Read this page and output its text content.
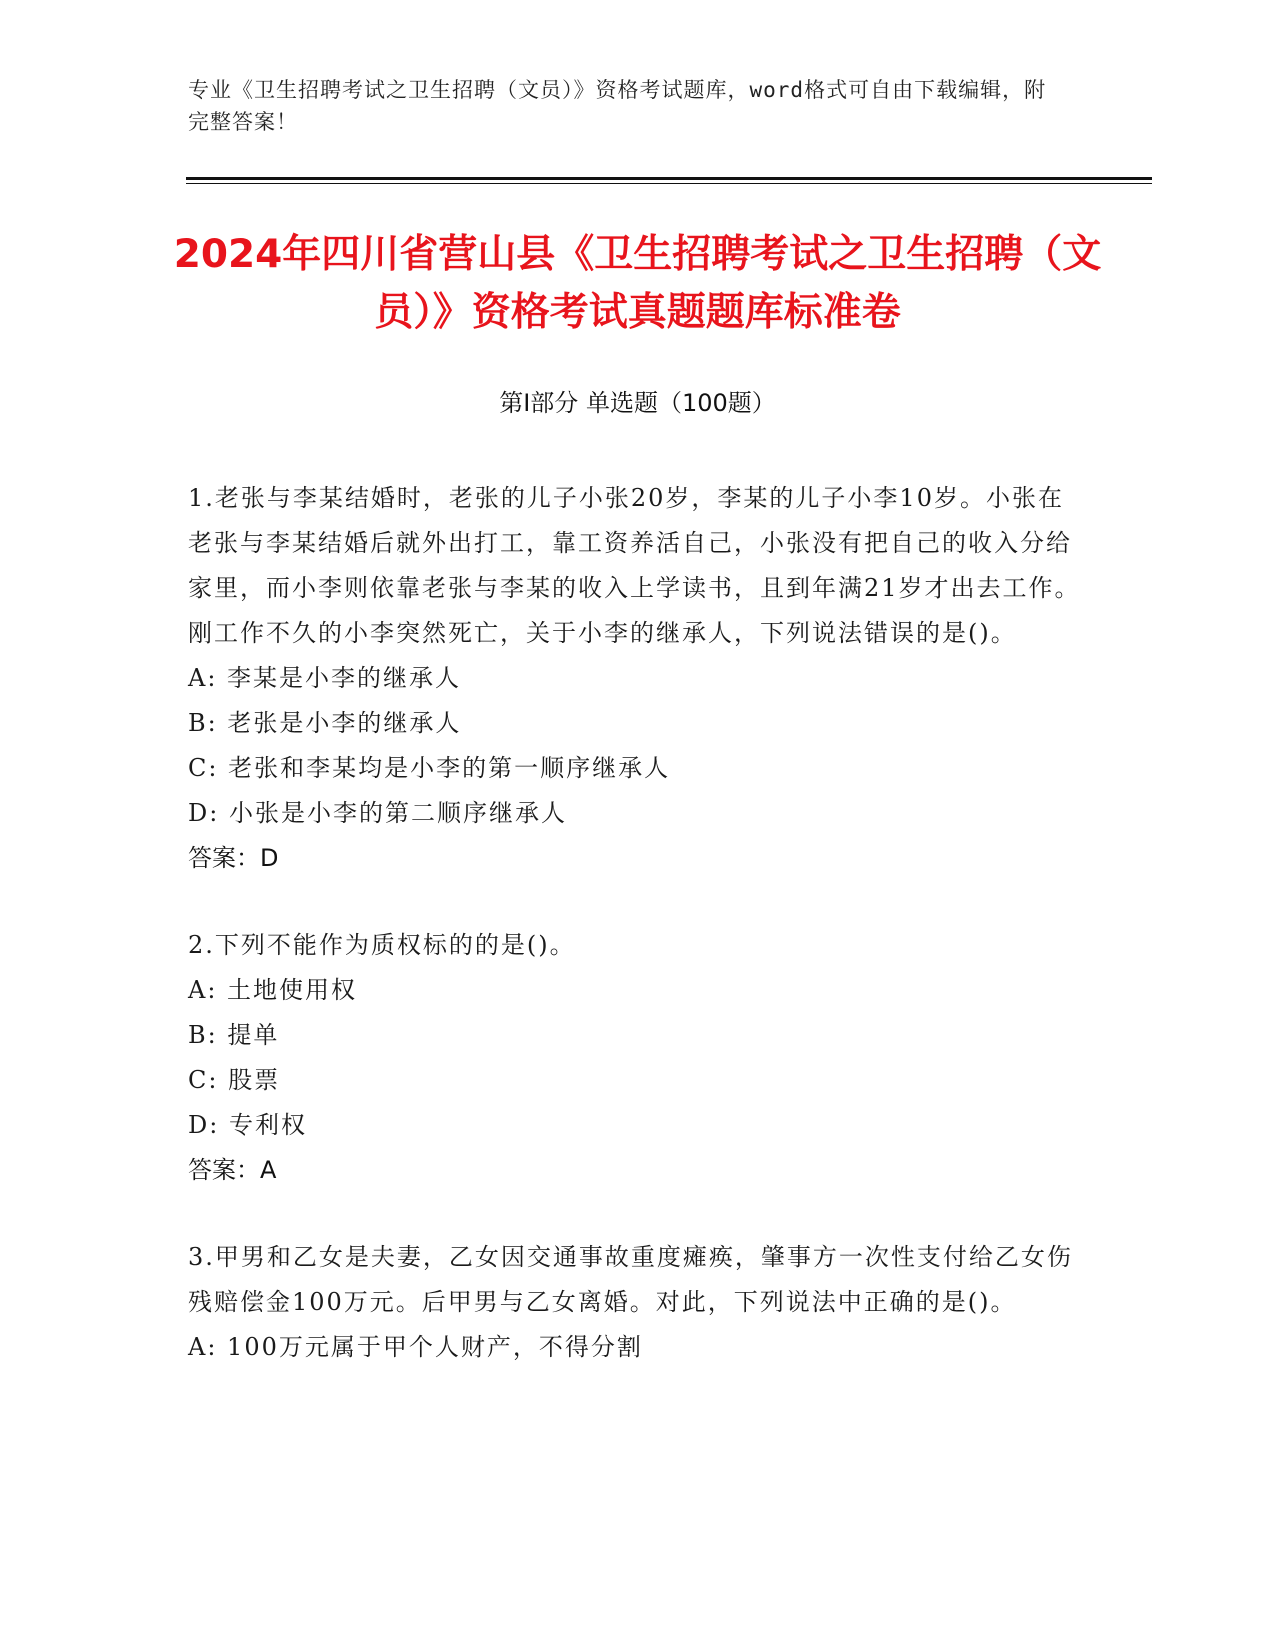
专业《卫生招聘考试之卫生招聘（文员）》资格考试题库，word格式可自由下载编辑，附完整答案！
2024年四川省营山县《卫生招聘考试之卫生招聘（文员）》资格考试真题题库标准卷
第I部分 单选题（100题）
1.老张与李某结婚时，老张的儿子小张20岁，李某的儿子小李10岁。小张在老张与李某结婚后就外出打工，靠工资养活自己，小张没有把自己的收入分给家里，而小李则依靠老张与李某的收入上学读书，且到年满21岁才出去工作。刚工作不久的小李突然死亡，关于小李的继承人，下列说法错误的是()。
A: 李某是小李的继承人
B: 老张是小李的继承人
C: 老张和李某均是小李的第一顺序继承人
D: 小张是小李的第二顺序继承人
答案：D
2.下列不能作为质权标的的是()。
A: 土地使用权
B: 提单
C: 股票
D: 专利权
答案：A
3.甲男和乙女是夫妻，乙女因交通事故重度瘫痪，肇事方一次性支付给乙女伤残赔偿金100万元。后甲男与乙女离婚。对此，下列说法中正确的是()。
A: 100万元属于甲个人财产，不得分割
